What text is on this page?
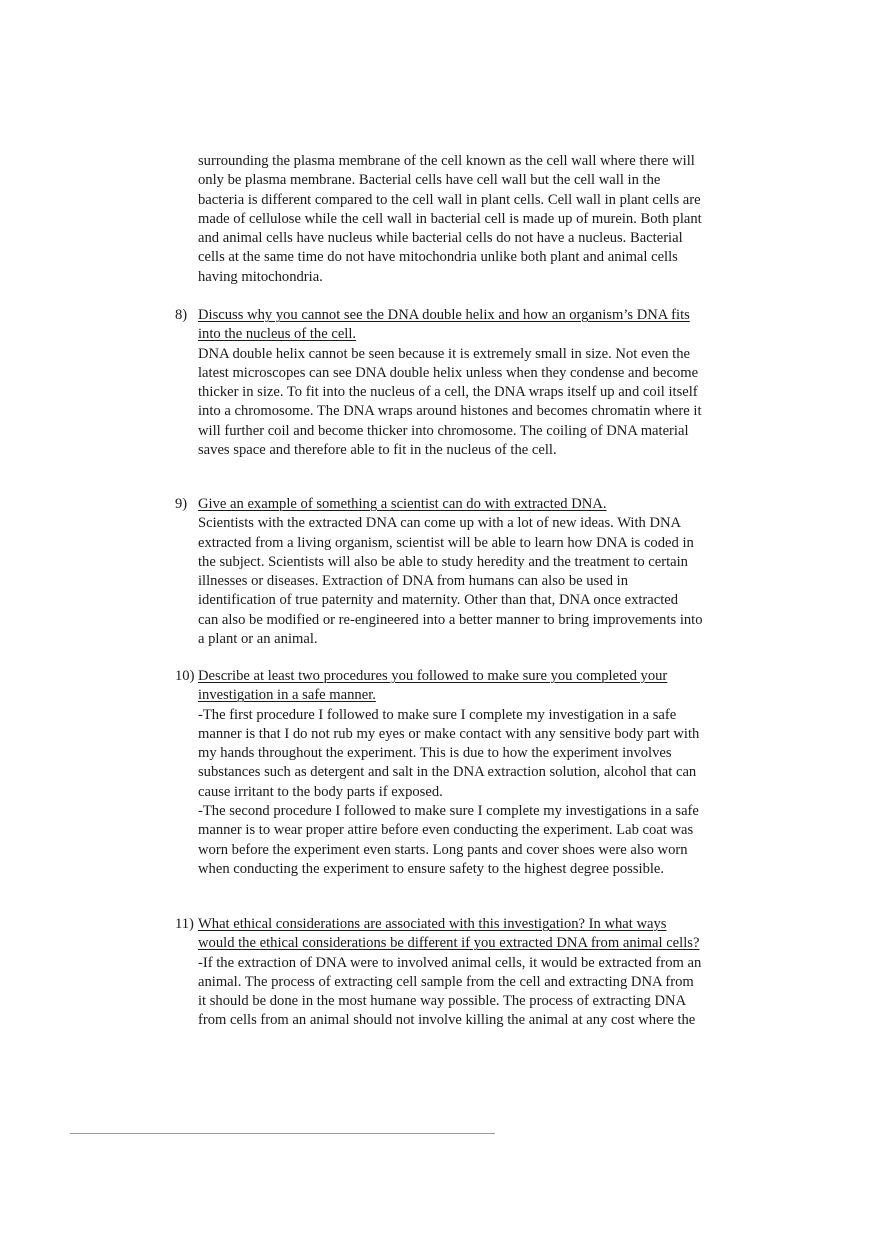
surrounding the plasma membrane of the cell known as the cell wall where there will
only be plasma membrane. Bacterial cells have cell wall but the cell wall in the
bacteria is different compared to the cell wall in plant cells. Cell wall in plant cells are
made of cellulose while the cell wall in bacterial cell is made up of murein. Both plant
and animal cells have nucleus while bacterial cells do not have a nucleus. Bacterial
cells at the same time do not have mitochondria unlike both plant and animal cells
having mitochondria.
8) Discuss why you cannot see the DNA double helix and how an organism’s DNA fits
into the nucleus of the cell.
DNA double helix cannot be seen because it is extremely small in size. Not even the
latest microscopes can see DNA double helix unless when they condense and become
thicker in size. To fit into the nucleus of a cell, the DNA wraps itself up and coil itself
into a chromosome. The DNA wraps around histones and becomes chromatin where it
will further coil and become thicker into chromosome. The coiling of DNA material
saves space and therefore able to fit in the nucleus of the cell.
9) Give an example of something a scientist can do with extracted DNA.
Scientists with the extracted DNA can come up with a lot of new ideas. With DNA
extracted from a living organism, scientist will be able to learn how DNA is coded in
the subject. Scientists will also be able to study heredity and the treatment to certain
illnesses or diseases. Extraction of DNA from humans can also be used in
identification of true paternity and maternity. Other than that, DNA once extracted
can also be modified or re-engineered into a better manner to bring improvements into
a plant or an animal.
10) Describe at least two procedures you followed to make sure you completed your
investigation in a safe manner.
-The first procedure I followed to make sure I complete my investigation in a safe
manner is that I do not rub my eyes or make contact with any sensitive body part with
my hands throughout the experiment. This is due to how the experiment involves
substances such as detergent and salt in the DNA extraction solution, alcohol that can
cause irritant to the body parts if exposed.
-The second procedure I followed to make sure I complete my investigations in a safe
manner is to wear proper attire before even conducting the experiment. Lab coat was
worn before the experiment even starts. Long pants and cover shoes were also worn
when conducting the experiment to ensure safety to the highest degree possible.
11) What ethical considerations are associated with this investigation? In what ways
would the ethical considerations be different if you extracted DNA from animal cells?
-If the extraction of DNA were to involved animal cells, it would be extracted from an
animal. The process of extracting cell sample from the cell and extracting DNA from
it should be done in the most humane way possible. The process of extracting DNA
from cells from an animal should not involve killing the animal at any cost where the
